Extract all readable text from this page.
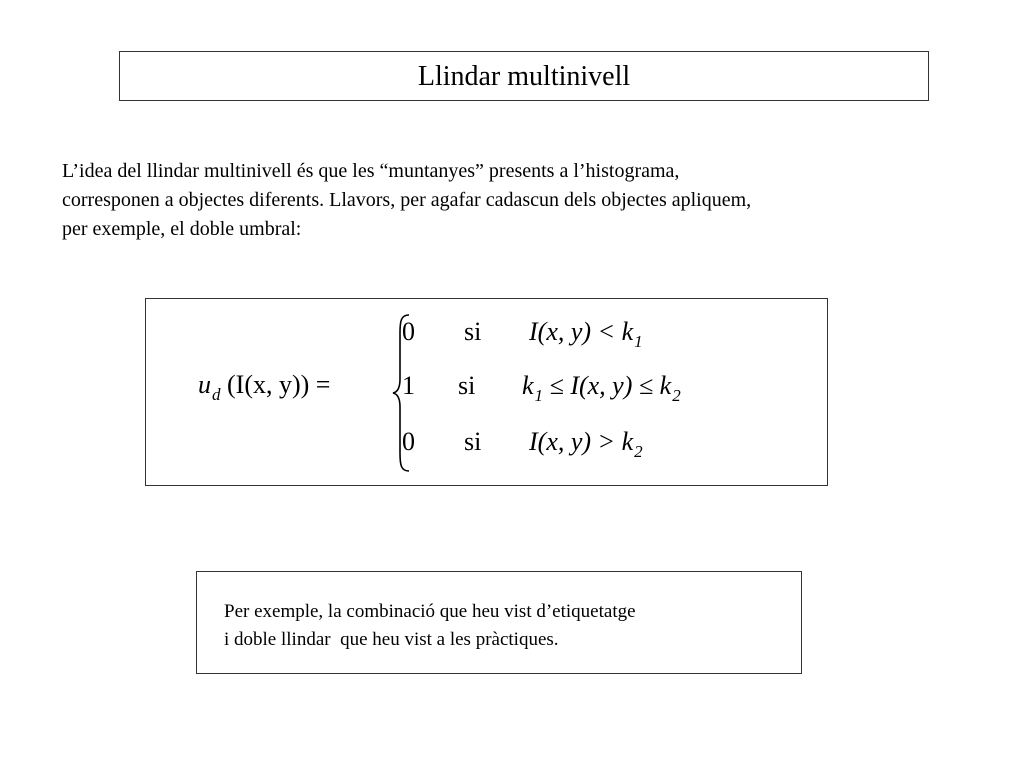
Llindar multinivell
L’idea del llindar multinivell és que les “muntanyes” presents a l’histograma,
corresponen a objectes diferents. Llavors, per agafar cadascun dels objectes apliquem,
per exemple, el doble umbral:
$u_d$ (I(x, y)) =
0 si I(x, $y) < k_1$
1 si $k_1 \le I(x$, $y) \le k_2$
0 si I(x, $y) > k_2$
Per exemple, la combinació que heu vist d’etiquetatge
i doble llindar  que heu vist a les pràctiques.
